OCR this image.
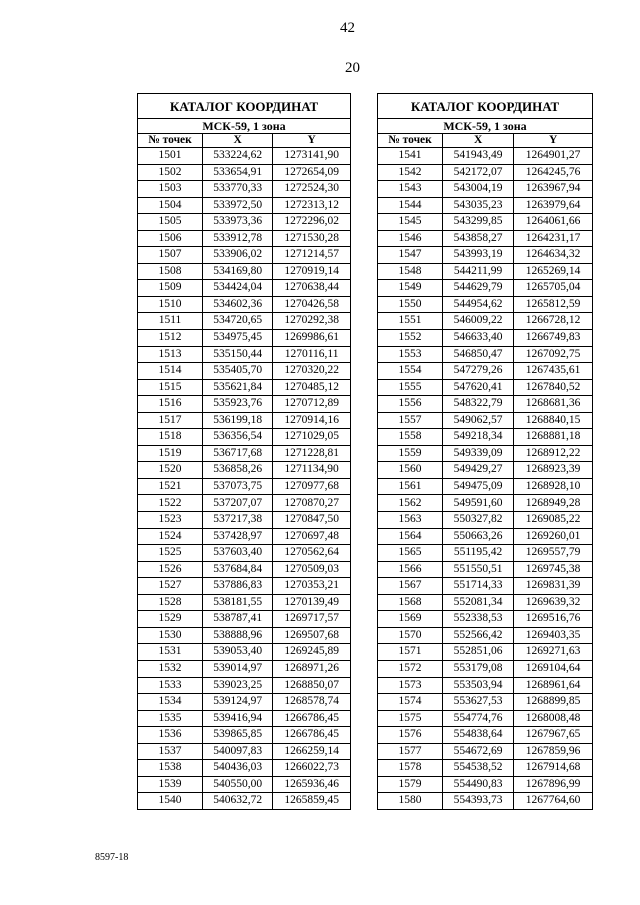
42
20
КАТАЛОГ КООРДИНАТ		
МСК-59, 1 зона		
№ точек	X	Y
1501	533224,62	1273141,90
1502	533654,91	1272654,09
1503	533770,33	1272524,30
1504	533972,50	1272313,12
1505	533973,36	1272296,02
1506	533912,78	1271530,28
1507	533906,02	1271214,57
1508	534169,80	1270919,14
1509	534424,04	1270638,44
1510	534602,36	1270426,58
1511	534720,65	1270292,38
1512	534975,45	1269986,61
1513	535150,44	1270116,11
1514	535405,70	1270320,22
1515	535621,84	1270485,12
1516	535923,76	1270712,89
1517	536199,18	1270914,16
1518	536356,54	1271029,05
1519	536717,68	1271228,81
1520	536858,26	1271134,90
1521	537073,75	1270977,68
1522	537207,07	1270870,27
1523	537217,38	1270847,50
1524	537428,97	1270697,48
1525	537603,40	1270562,64
1526	537684,84	1270509,03
1527	537886,83	1270353,21
1528	538181,55	1270139,49
1529	538787,41	1269717,57
1530	538888,96	1269507,68
1531	539053,40	1269245,89
1532	539014,97	1268971,26
1533	539023,25	1268850,07
1534	539124,97	1268578,74
1535	539416,94	1266786,45
1536	539865,85	1266786,45
1537	540097,83	1266259,14
1538	540436,03	1266022,73
1539	540550,00	1265936,46
1540	540632,72	1265859,45
КАТАЛОГ КООРДИНАТ		
МСК-59, 1 зона		
№ точек	X	Y
1541	541943,49	1264901,27
1542	542172,07	1264245,76
1543	543004,19	1263967,94
1544	543035,23	1263979,64
1545	543299,85	1264061,66
1546	543858,27	1264231,17
1547	543993,19	1264634,32
1548	544211,99	1265269,14
1549	544629,79	1265705,04
1550	544954,62	1265812,59
1551	546009,22	1266728,12
1552	546633,40	1266749,83
1553	546850,47	1267092,75
1554	547279,26	1267435,61
1555	547620,41	1267840,52
1556	548322,79	1268681,36
1557	549062,57	1268840,15
1558	549218,34	1268881,18
1559	549339,09	1268912,22
1560	549429,27	1268923,39
1561	549475,09	1268928,10
1562	549591,60	1268949,28
1563	550327,82	1269085,22
1564	550663,26	1269260,01
1565	551195,42	1269557,79
1566	551550,51	1269745,38
1567	551714,33	1269831,39
1568	552081,34	1269639,32
1569	552338,53	1269516,76
1570	552566,42	1269403,35
1571	552851,06	1269271,63
1572	553179,08	1269104,64
1573	553503,94	1268961,64
1574	553627,53	1268899,85
1575	554774,76	1268008,48
1576	554838,64	1267967,65
1577	554672,69	1267859,96
1578	554538,52	1267914,68
1579	554490,83	1267896,99
1580	554393,73	1267764,60
8597-18
